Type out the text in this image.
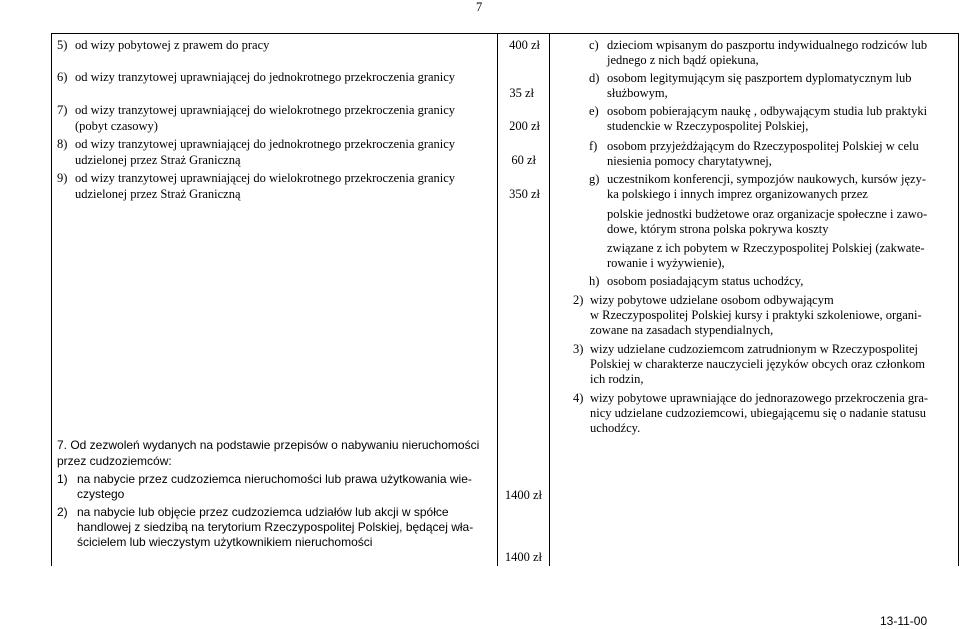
7
5) od wizy pobytowej z prawem do pracy	400 zł
6) od wizy tranzytowej uprawniającej do jednokrotnego przekroczenia granicy
35 zł
7) od wizy tranzytowej uprawniającej do wielokrotnego przekroczenia granicy
(pobyt czasowy)	200 zł
8) od wizy tranzytowej uprawniającej do jednokrotnego przekroczenia granicy
udzielonej przez Straż Graniczną	60 zł
9) od wizy tranzytowej uprawniającej do wielokrotnego przekroczenia granicy
udzielonej przez Straż Graniczną	350 zł
7. Od zezwoleń wydanych na podstawie przepisów o nabywaniu nieruchomości
przez cudzoziemców:
1) na nabycie przez cudzoziemca nieruchomości lub prawa użytkowania wie-
czystego	1400 zł
2) na nabycie lub objęcie przez cudzoziemca udziałów lub akcji w spółce
handlowej z siedzibą na terytorium Rzeczypospolitej Polskiej, będącej wła-
ścicielem lub wieczystym użytkownikiem nieruchomości
1400 zł
c) dzieciom wpisanym do paszportu indywidualnego rodziców lub
jednego z nich bądź opiekuna,
d) osobom legitymującym się paszportem dyplomatycznym lub
służbowym,
e) osobom pobierającym naukę , odbywającym studia lub praktyki
studenckie w Rzeczypospolitej Polskiej,
f) osobom przyjeżdżającym do Rzeczypospolitej Polskiej w celu
niesienia pomocy charytatywnej,
g) uczestnikom konferencji, sympozjów naukowych, kursów języ-
ka polskiego i innych imprez organizowanych przez
polskie jednostki budżetowe oraz organizacje społeczne i zawo-
dowe, którym strona polska pokrywa koszty
związane z ich pobytem w Rzeczypospolitej Polskiej (zakwate-
rowanie i wyżywienie),
h) osobom posiadającym status uchodźcy,
2) wizy pobytowe udzielane osobom odbywającym
w Rzeczypospolitej Polskiej kursy i praktyki szkoleniowe, organi-
zowane na zasadach stypendialnych,
3) wizy udzielane cudzoziemcom zatrudnionym w Rzeczypospolitej
Polskiej w charakterze nauczycieli języków obcych oraz członkom
ich rodzin,
4) wizy pobytowe uprawniające do jednorazowego przekroczenia gra-
nicy udzielane cudzoziemcowi, ubiegającemu się o nadanie statusu
uchodźcy.
13-11-00
